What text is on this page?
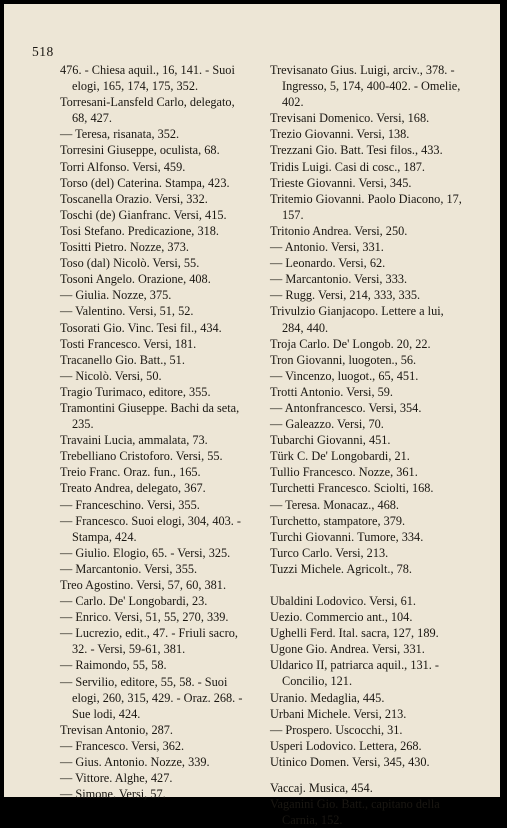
518
476. - Chiesa aquil., 16, 141. - Suoi elogi, 165, 174, 175, 352.
Torresani-Lansfeld Carlo, delegato, 68, 427.
— Teresa, risanata, 352.
Torresini Giuseppe, oculista, 68.
Torri Alfonso. Versi, 459.
Torso (del) Caterina. Stampa, 423.
Toscanella Orazio. Versi, 332.
Toschi (de) Gianfranc. Versi, 415.
Tosi Stefano. Predicazione, 318.
Tositti Pietro. Nozze, 373.
Toso (dal) Nicolò. Versi, 55.
Tosoni Angelo. Orazione, 408.
— Giulia. Nozze, 375.
— Valentino. Versi, 51, 52.
Tosorati Gio. Vinc. Tesi fil., 434.
Tosti Francesco. Versi, 181.
Tracanello Gio. Batt., 51.
— Nicolò. Versi, 50.
Tragio Turimaco, editore, 355.
Tramontini Giuseppe. Bachi da seta, 235.
Travaini Lucia, ammalata, 73.
Trebelliano Cristoforo. Versi, 55.
Treio Franc. Oraz. fun., 165.
Treato Andrea, delegato, 367.
— Franceschino. Versi, 355.
— Francesco. Suoi elogi, 304, 403. - Stampa, 424.
— Giulio. Elogio, 65. - Versi, 325.
— Marcantonio. Versi, 355.
Treo Agostino. Versi, 57, 60, 381.
— Carlo. De' Longobardi, 23.
— Enrico. Versi, 51, 55, 270, 339.
— Lucrezio, edit., 47. - Friuli sacro, 32. - Versi, 59-61, 381.
— Raimondo, 55, 58.
— Servilio, editore, 55, 58. - Suoi elogi, 260, 315, 429. - Oraz. 268. - Sue lodi, 424.
Trevisan Antonio, 287.
— Francesco. Versi, 362.
— Gius. Antonio. Nozze, 339.
— Vittore. Alghe, 427.
— Simone. Versi, 57.
Trevisanato Gius. Luigi, arciv., 378. - Ingresso, 5, 174, 400-402. - Omelie, 402.
Trevisani Domenico. Versi, 168.
Trezio Giovanni. Versi, 138.
Trezzani Gio. Batt. Tesi filos., 433.
Tridis Luigi. Casi di cosc., 187.
Trieste Giovanni. Versi, 345.
Tritemio Giovanni. Paolo Diacono, 17, 157.
Tritonio Andrea. Versi, 250.
— Antonio. Versi, 331.
— Leonardo. Versi, 62.
— Marcantonio. Versi, 333.
— Rugg. Versi, 214, 333, 335.
Trivulzio Gianjacopo. Lettere a lui, 284, 440.
Troja Carlo. De' Longob. 20, 22.
Tron Giovanni, luogoten., 56.
— Vincenzo, luogot., 65, 451.
Trotti Antonio. Versi, 59.
— Antonfrancesco. Versi, 354.
— Galeazzo. Versi, 70.
Tubarchi Giovanni, 451.
Türk C. De' Longobardi, 21.
Tullio Francesco. Nozze, 361.
Turchetti Francesco. Sciolti, 168.
— Teresa. Monacaz., 468.
Turchetto, stampatore, 379.
Turchi Giovanni. Tumore, 334.
Turco Carlo. Versi, 213.
Tuzzi Michele. Agricolt., 78.
Ubaldini Lodovico. Versi, 61.
Uezio. Commercio ant., 104.
Ughelli Ferd. Ital. sacra, 127, 189.
Ugone Gio. Andrea. Versi, 331.
Uldarico II, patriarca aquil., 131. - Concilio, 121.
Uranio. Medaglia, 445.
Urbani Michele. Versi, 213.
— Prospero. Uscocchi, 31.
Usperi Lodovico. Lettera, 268.
Utinico Domen. Versi, 345, 430.
Vaccaj. Musica, 454.
Vaganini Gio. Batt., capitano della Carnia, 152.
